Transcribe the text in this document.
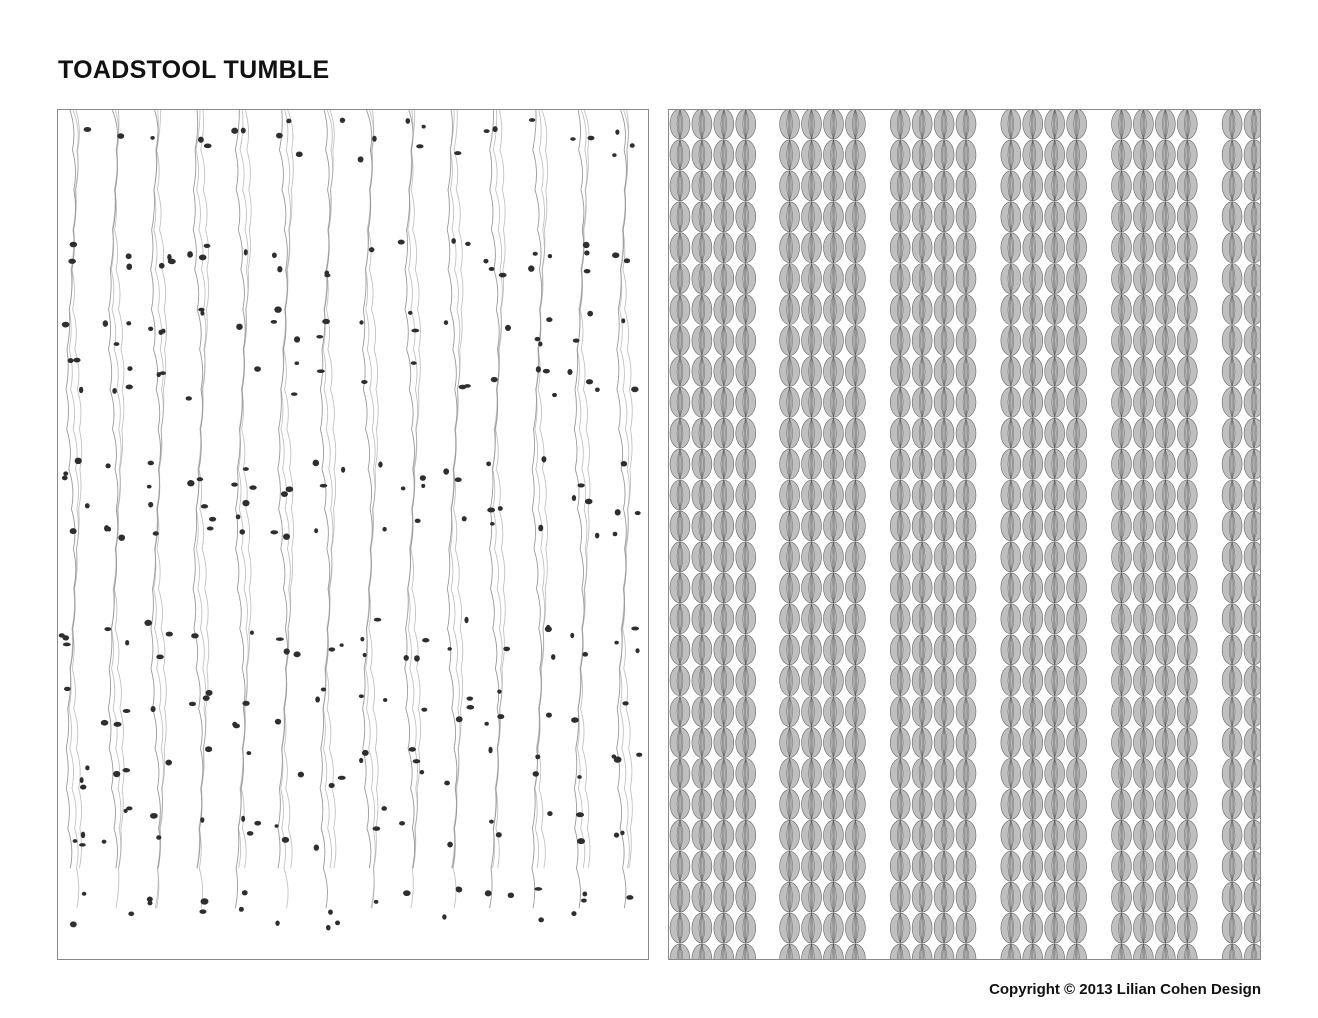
TOADSTOOL TUMBLE
Copyright © 2013 Lilian Cohen Design
